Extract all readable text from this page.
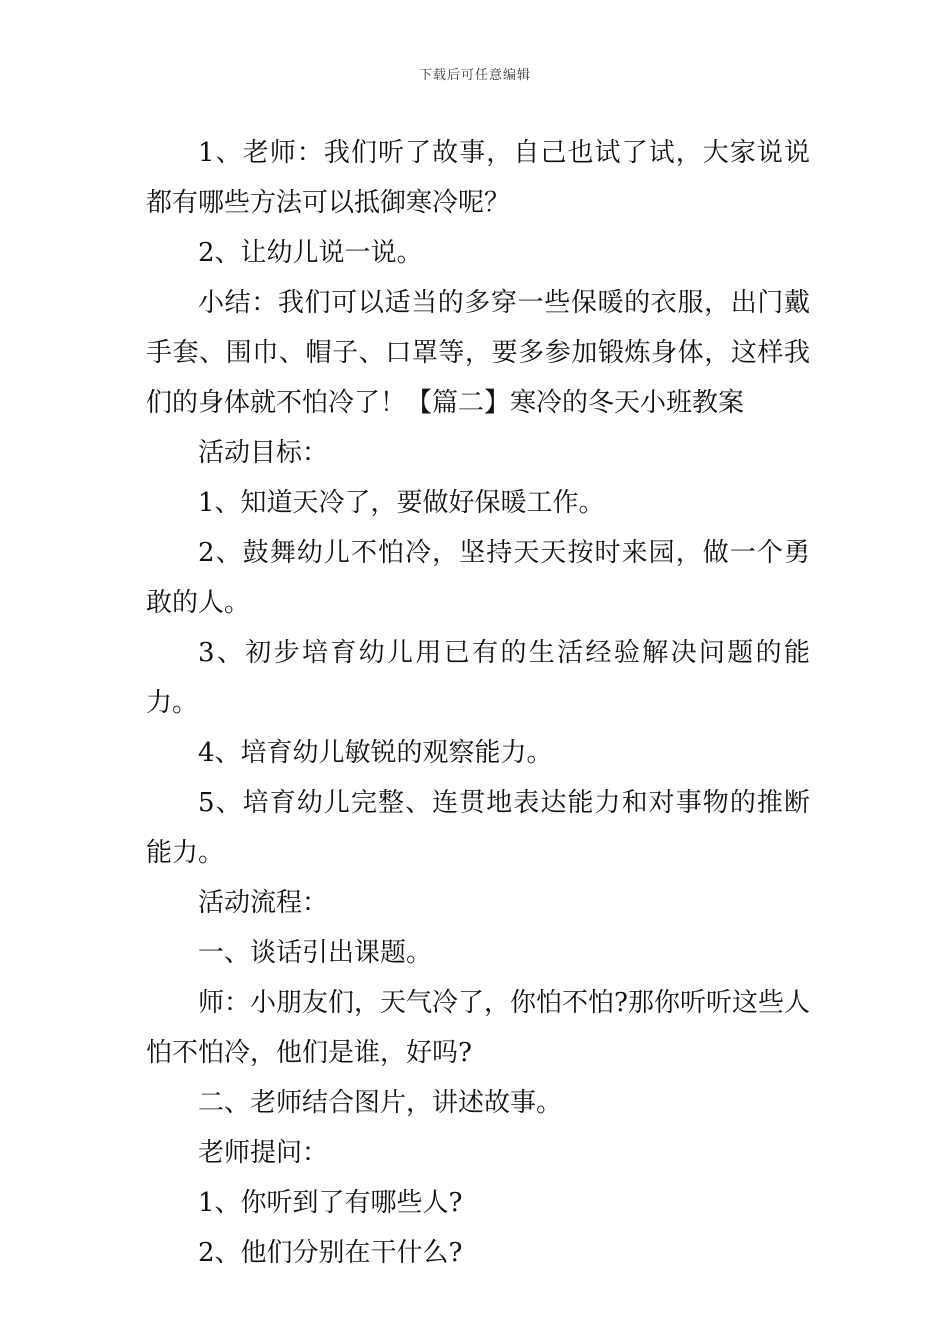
下载后可任意编辑

1、老师：我们听了故事，自己也试了试，大家说说都有哪些方法可以抵御寒冷呢？

2、让幼儿说一说。

小结：我们可以适当的多穿一些保暖的衣服，出门戴手套、围巾、帽子、口罩等，要多参加锻炼身体，这样我们的身体就不怕冷了！【篇二】寒冷的冬天小班教案

活动目标：

1、知道天冷了，要做好保暖工作。

2、鼓舞幼儿不怕冷，坚持天天按时来园，做一个勇敢的人。

3、初步培育幼儿用已有的生活经验解决问题的能力。

4、培育幼儿敏锐的观察能力。

5、培育幼儿完整、连贯地表达能力和对事物的推断能力。

活动流程：

一、谈话引出课题。

师：小朋友们，天气冷了，你怕不怕?那你听听这些人怕不怕冷，他们是谁，好吗?

二、老师结合图片，讲述故事。

老师提问：

1、你听到了有哪些人?

2、他们分别在干什么?
